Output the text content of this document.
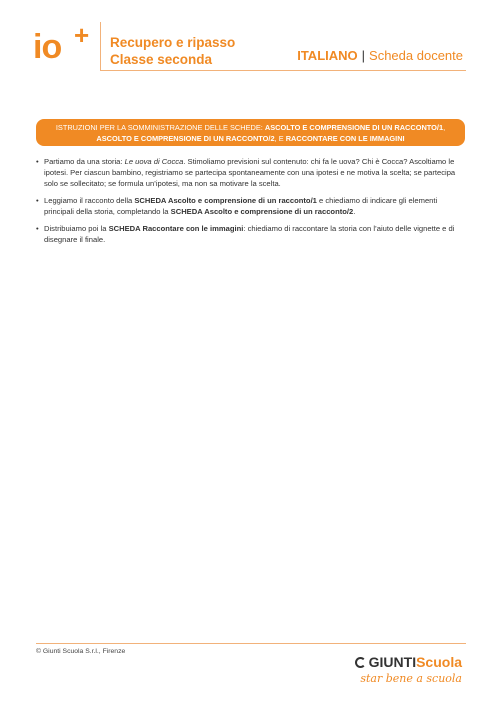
io + Recupero e ripasso
Classe seconda	ITALIANO | Scheda docente
ISTRUZIONI PER LA SOMMINISTRAZIONE DELLE SCHEDE: ASCOLTO E COMPRENSIONE DI UN RACCONTO/1,
ASCOLTO E COMPRENSIONE DI UN RACCONTO/2, E RACCONTARE CON LE IMMAGINI

• Partiamo da una storia: Le uova di Cocca. Stimoliamo previsioni sul contenuto: chi fa le uova? Chi è Cocca? Ascoltiamo le ipotesi. Per ciascun bambino, registriamo se partecipa spontaneamente con una ipotesi e ne motiva la scelta; se partecipa solo se sollecitato; se formula un’ipotesi, ma non sa motivare la scelta.

• Leggiamo il racconto della SCHEDA Ascolto e comprensione di un racconto/1 e chiediamo di indicare gli elementi principali della storia, completando la SCHEDA Ascolto e comprensione di un racconto/2.

• Distribuiamo poi la SCHEDA Raccontare con le immagini: chiediamo di raccontare la storia con l’aiuto delle vignette e di disegnare il finale.

© Giunti Scuola S.r.l., Firenze
GIUNTIScuola
star bene a scuola
